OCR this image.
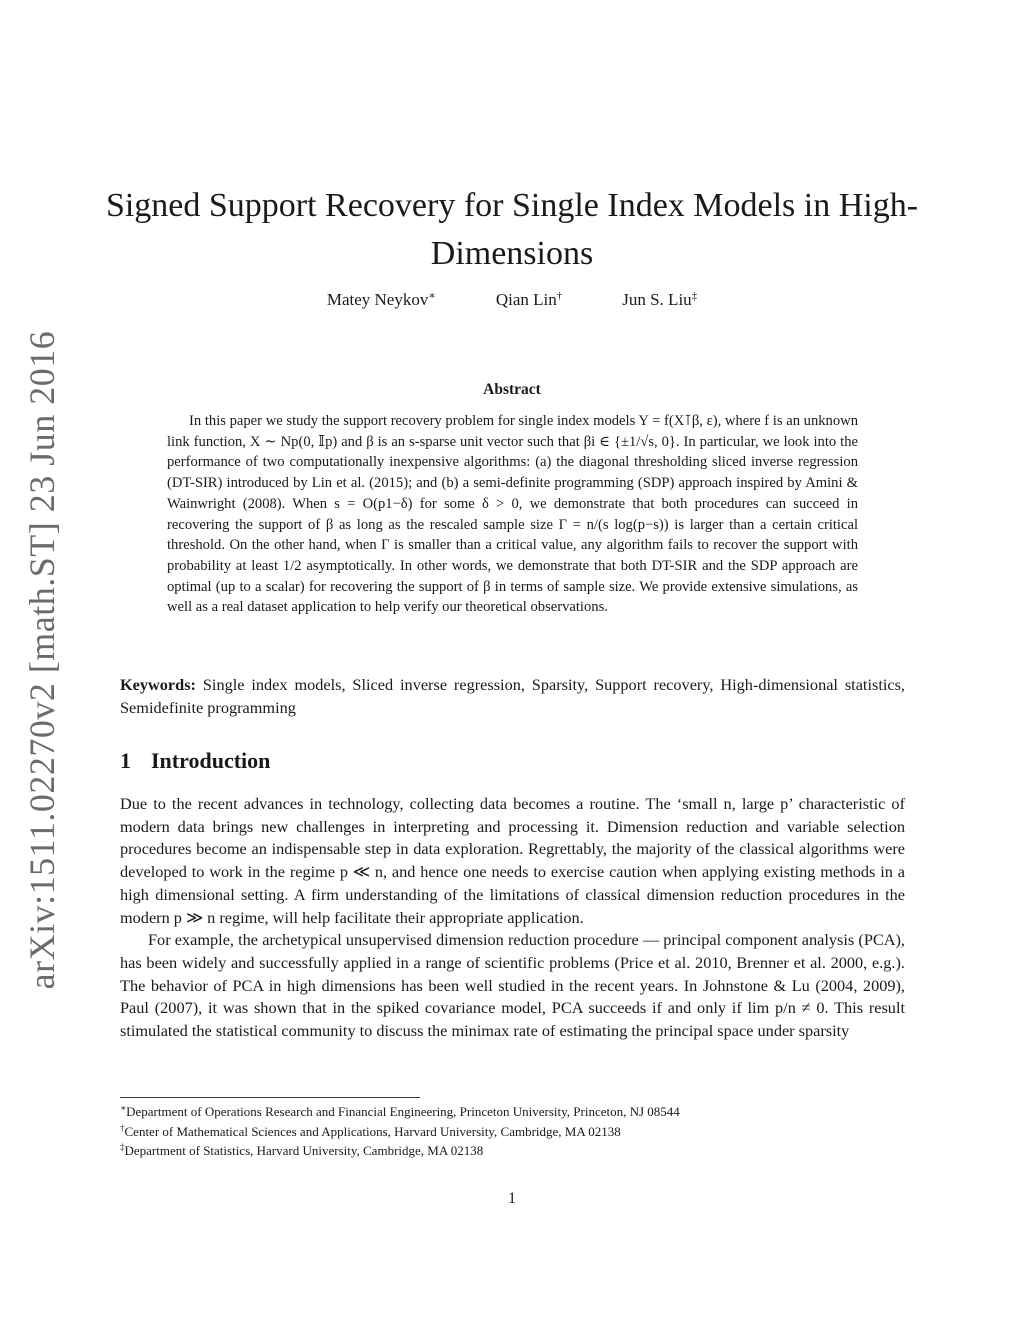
arXiv:1511.02270v2 [math.ST] 23 Jun 2016
Signed Support Recovery for Single Index Models in High-Dimensions
Matey Neykov∗	Qian Lin†	Jun S. Liu‡
Abstract

In this paper we study the support recovery problem for single index models Y = f(X⊺β, ε), where f is an unknown link function, X ∼ Np(0, 𝕀p) and β is an s-sparse unit vector such that βi ∈ {±1/√s, 0}. In particular, we look into the performance of two computationally inexpensive algorithms: (a) the diagonal thresholding sliced inverse regression (DT-SIR) introduced by Lin et al. (2015); and (b) a semi-definite programming (SDP) approach inspired by Amini & Wainwright (2008). When s = O(p1−δ) for some δ > 0, we demonstrate that both procedures can succeed in recovering the support of β as long as the rescaled sample size Γ = n/(s log(p−s)) is larger than a certain critical threshold. On the other hand, when Γ is smaller than a critical value, any algorithm fails to recover the support with probability at least 1/2 asymptotically. In other words, we demonstrate that both DT-SIR and the SDP approach are optimal (up to a scalar) for recovering the support of β in terms of sample size. We provide extensive simulations, as well as a real dataset application to help verify our theoretical observations.

Keywords: Single index models, Sliced inverse regression, Sparsity, Support recovery, High-dimensional statistics, Semidefinite programming

1 Introduction

Due to the recent advances in technology, collecting data becomes a routine. The ‘small n, large p’ characteristic of modern data brings new challenges in interpreting and processing it. Dimension reduction and variable selection procedures become an indispensable step in data exploration. Regrettably, the majority of the classical algorithms were developed to work in the regime p ≪ n, and hence one needs to exercise caution when applying existing methods in a high dimensional setting. A firm understanding of the limitations of classical dimension reduction procedures in the modern p ≫ n regime, will help facilitate their appropriate application.

For example, the archetypical unsupervised dimension reduction procedure — principal component analysis (PCA), has been widely and successfully applied in a range of scientific problems (Price et al. 2010, Brenner et al. 2000, e.g.). The behavior of PCA in high dimensions has been well studied in the recent years. In Johnstone & Lu (2004, 2009), Paul (2007), it was shown that in the spiked covariance model, PCA succeeds if and only if lim p/n ≠ 0. This result stimulated the statistical community to discuss the minimax rate of estimating the principal space under sparsity

∗Department of Operations Research and Financial Engineering, Princeton University, Princeton, NJ 08544
†Center of Mathematical Sciences and Applications, Harvard University, Cambridge, MA 02138
‡Department of Statistics, Harvard University, Cambridge, MA 02138
1
